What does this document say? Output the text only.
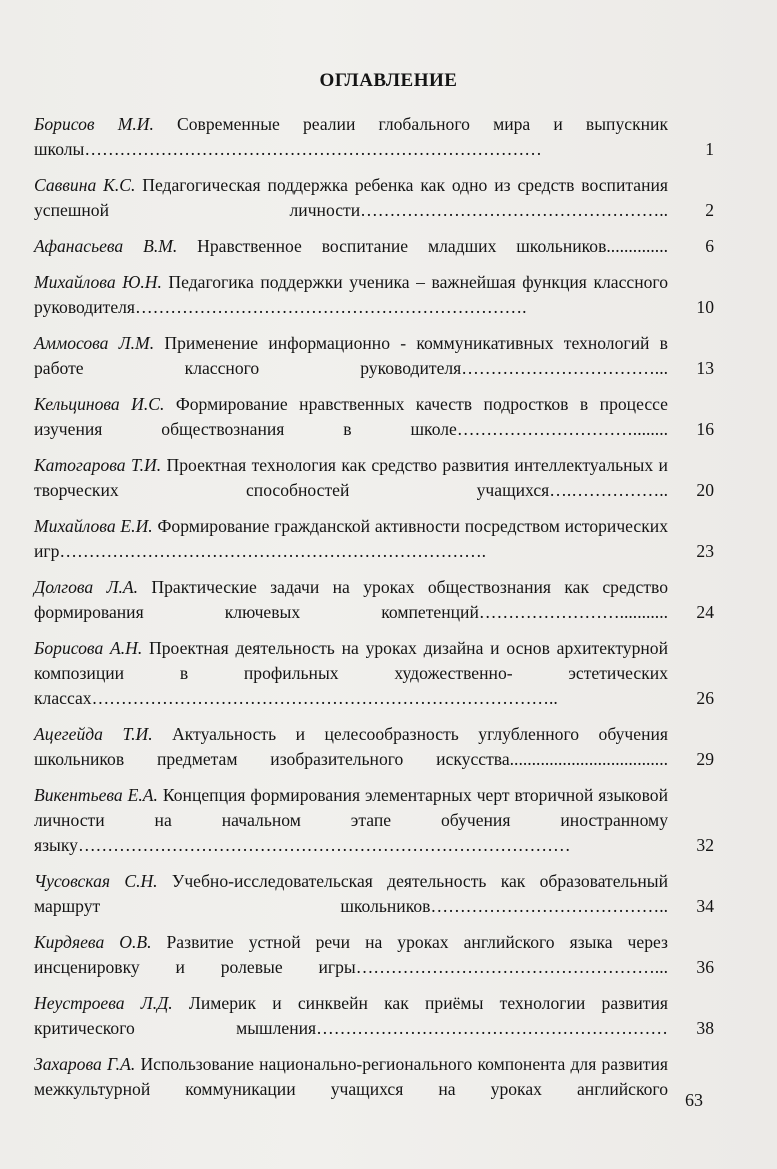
ОГЛАВЛЕНИЕ
Борисов М.И. Современные реалии глобального мира и выпускник школы……………………………………………………………………	1
Саввина К.С. Педагогическая поддержка ребенка как одно из средств воспитания успешной личности……………………………………………..	2
Афанасьева В.М. Нравственное воспитание младших школьников..............	6
Михайлова Ю.Н. Педагогика поддержки ученика – важнейшая функция классного руководителя………………………………………………………….	10
Аммосова Л.М. Применение информационно - коммуникативных технологий в работе классного руководителя……………………………...	13
Кельцинова И.С. Формирование нравственных качеств подростков в процессе изучения обществознания в школе…………………………........	16
Катогарова Т.И. Проектная технология как средство развития интеллектуальных и творческих способностей учащихся….……………..	20
Михайлова Е.И. Формирование гражданской активности посредством исторических игр……………………………………………………………….	23
Долгова Л.А. Практические задачи на уроках обществознания как средство формирования ключевых компетенций……………………...........	24
Борисова А.Н. Проектная деятельность на уроках дизайна и основ архитектурной композиции в профильных художественно- эстетических классах……………………………………………………………………..	26
Ацегейда Т.И. Актуальность и целесообразность углубленного обучения школьников предметам изобразительного искусства....................................	29
Викентьева Е.А. Концепция формирования элементарных черт вторичной языковой личности на начальном этапе обучения иностранному языку…………………………………………………………………………	32
Чусовская С.Н. Учебно-исследовательская деятельность как образовательный маршрут школьников…………………………………..	34
Кирдяева О.В. Развитие устной речи на уроках английского языка через инсценировку и ролевые игры……………………………………………...	36
Неустроева Л.Д. Лимерик и синквейн как приёмы технологии развития критического мышления……………………………………………………	38
Захарова Г.А. Использование национально-регионального компонента для развития межкультурной коммуникации учащихся на уроках английского
63
